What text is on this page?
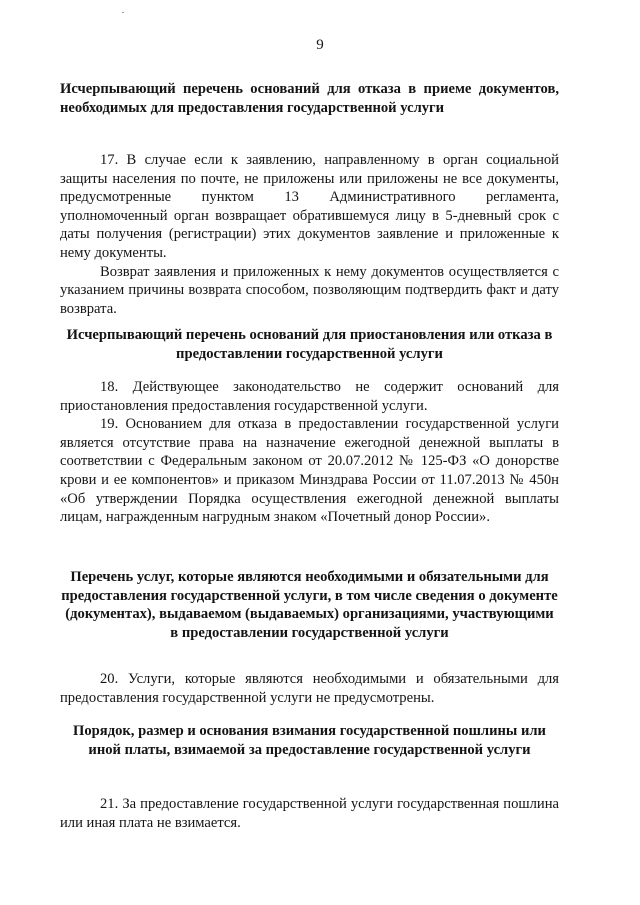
9
Исчерпывающий перечень оснований для отказа в приеме документов, необходимых для предоставления государственной услуги

17. В случае если к заявлению, направленному в орган социальной защиты населения по почте, не приложены или приложены не все документы, предусмотренные пунктом 13 Административного регламента, уполномоченный орган возвращает обратившемуся лицу в 5-дневный срок с даты получения (регистрации) этих документов заявление и приложенные к нему документы.

Возврат заявления и приложенных к нему документов осуществляется с указанием причины возврата способом, позволяющим подтвердить факт и дату возврата.

Исчерпывающий перечень оснований для приостановления или отказа в предоставлении государственной услуги

18. Действующее законодательство не содержит оснований для приостановления предоставления государственной услуги.

19. Основанием для отказа в предоставлении государственной услуги является отсутствие права на назначение ежегодной денежной выплаты в соответствии с Федеральным законом от 20.07.2012 № 125-ФЗ «О донорстве крови и ее компонентов» и приказом Минздрава России от 11.07.2013 № 450н «Об утверждении Порядка осуществления ежегодной денежной выплаты лицам, награжденным нагрудным знаком «Почетный донор России».

Перечень услуг, которые являются необходимыми и обязательными для предоставления государственной услуги, в том числе сведения о документе (документах), выдаваемом (выдаваемых) организациями, участвующими в предоставлении государственной услуги

20. Услуги, которые являются необходимыми и обязательными для предоставления государственной услуги не предусмотрены.

Порядок, размер и основания взимания государственной пошлины или иной платы, взимаемой за предоставление государственной услуги

21. За предоставление государственной услуги государственная пошлина или иная плата не взимается.
